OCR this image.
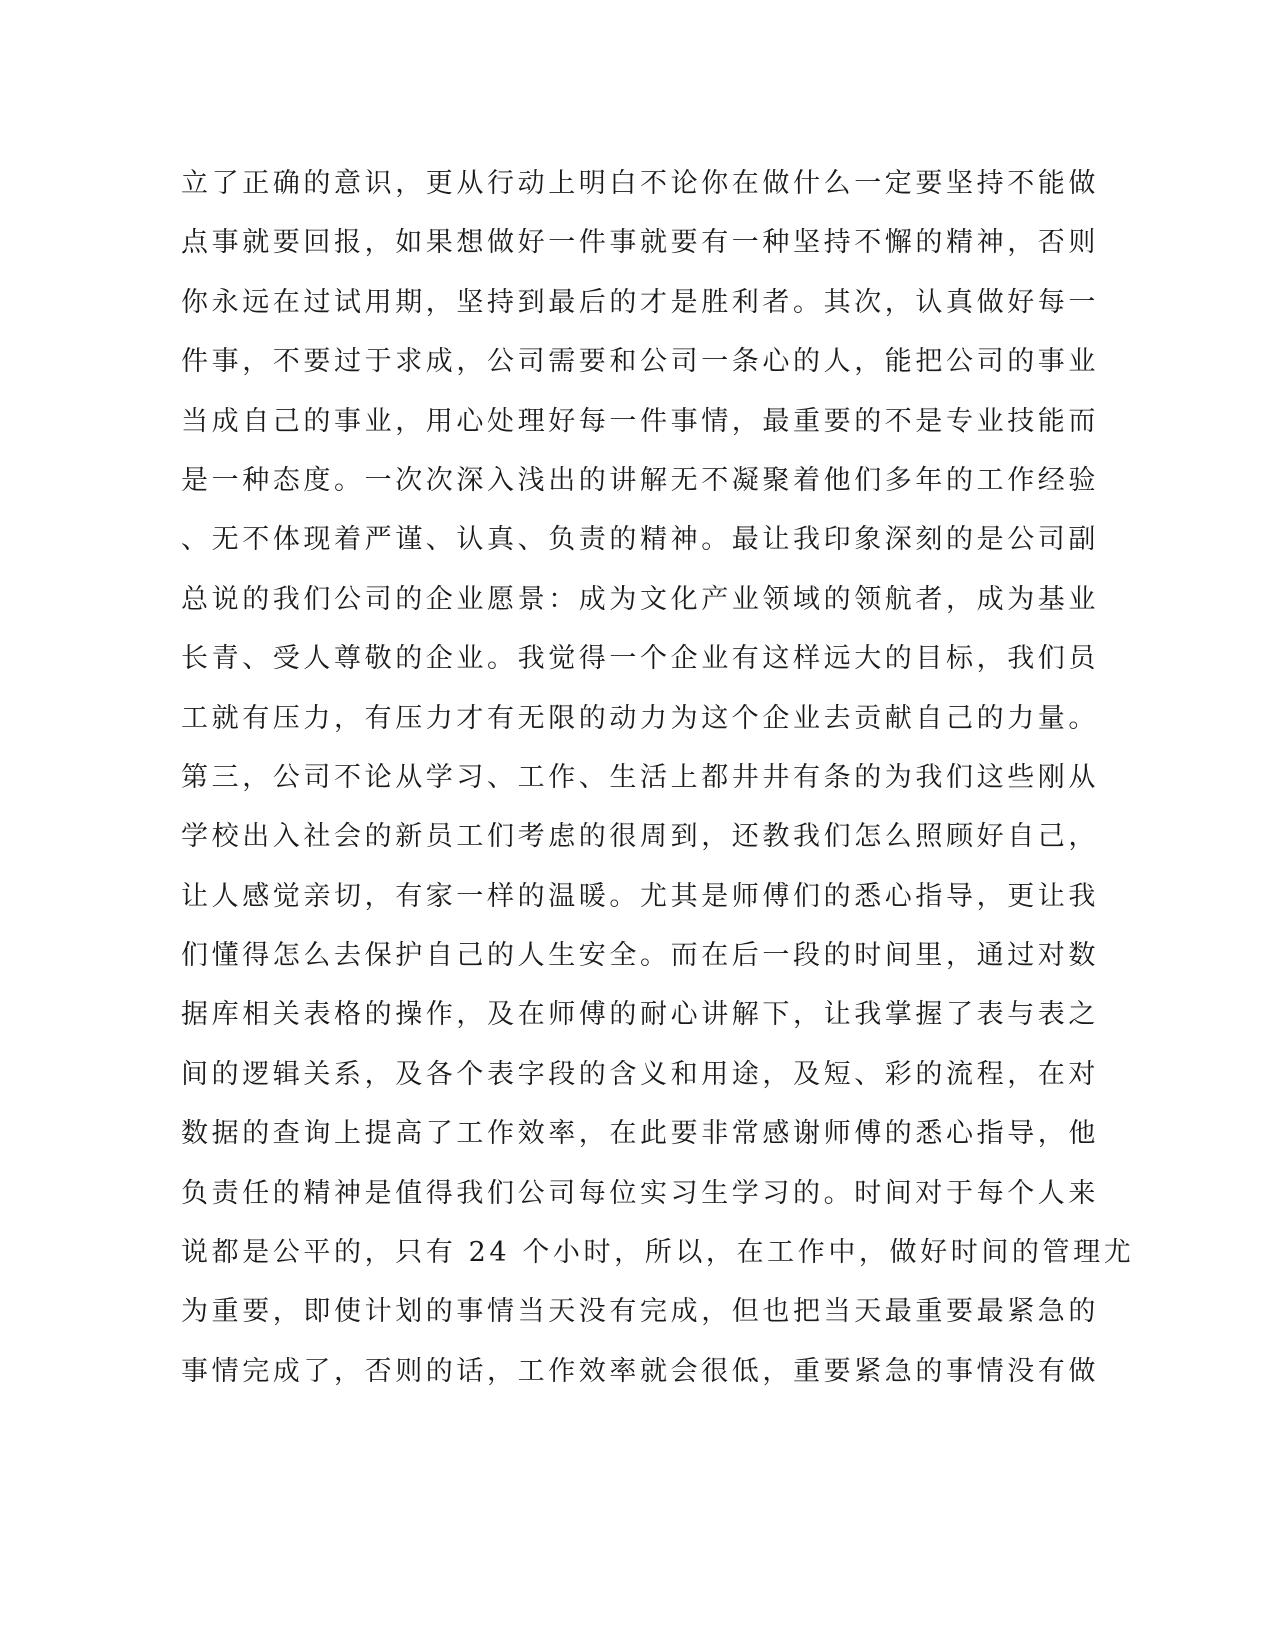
立了正确的意识，更从行动上明白不论你在做什么一定要坚持不能做
点事就要回报，如果想做好一件事就要有一种坚持不懈的精神，否则
你永远在过试用期，坚持到最后的才是胜利者。其次，认真做好每一
件事，不要过于求成，公司需要和公司一条心的人，能把公司的事业
当成自己的事业，用心处理好每一件事情，最重要的不是专业技能而
是一种态度。一次次深入浅出的讲解无不凝聚着他们多年的工作经验
、无不体现着严谨、认真、负责的精神。最让我印象深刻的是公司副
总说的我们公司的企业愿景：成为文化产业领域的领航者，成为基业
长青、受人尊敬的企业。我觉得一个企业有这样远大的目标，我们员
工就有压力，有压力才有无限的动力为这个企业去贡献自己的力量。
第三，公司不论从学习、工作、生活上都井井有条的为我们这些刚从
学校出入社会的新员工们考虑的很周到，还教我们怎么照顾好自己，
让人感觉亲切，有家一样的温暖。尤其是师傅们的悉心指导，更让我
们懂得怎么去保护自己的人生安全。而在后一段的时间里，通过对数
据库相关表格的操作，及在师傅的耐心讲解下，让我掌握了表与表之
间的逻辑关系，及各个表字段的含义和用途，及短、彩的流程，在对
数据的查询上提高了工作效率，在此要非常感谢师傅的悉心指导，他
负责任的精神是值得我们公司每位实习生学习的。时间对于每个人来
说都是公平的，只有 24 个小时，所以，在工作中，做好时间的管理尤
为重要，即使计划的事情当天没有完成，但也把当天最重要最紧急的
事情完成了，否则的话，工作效率就会很低，重要紧急的事情没有做
